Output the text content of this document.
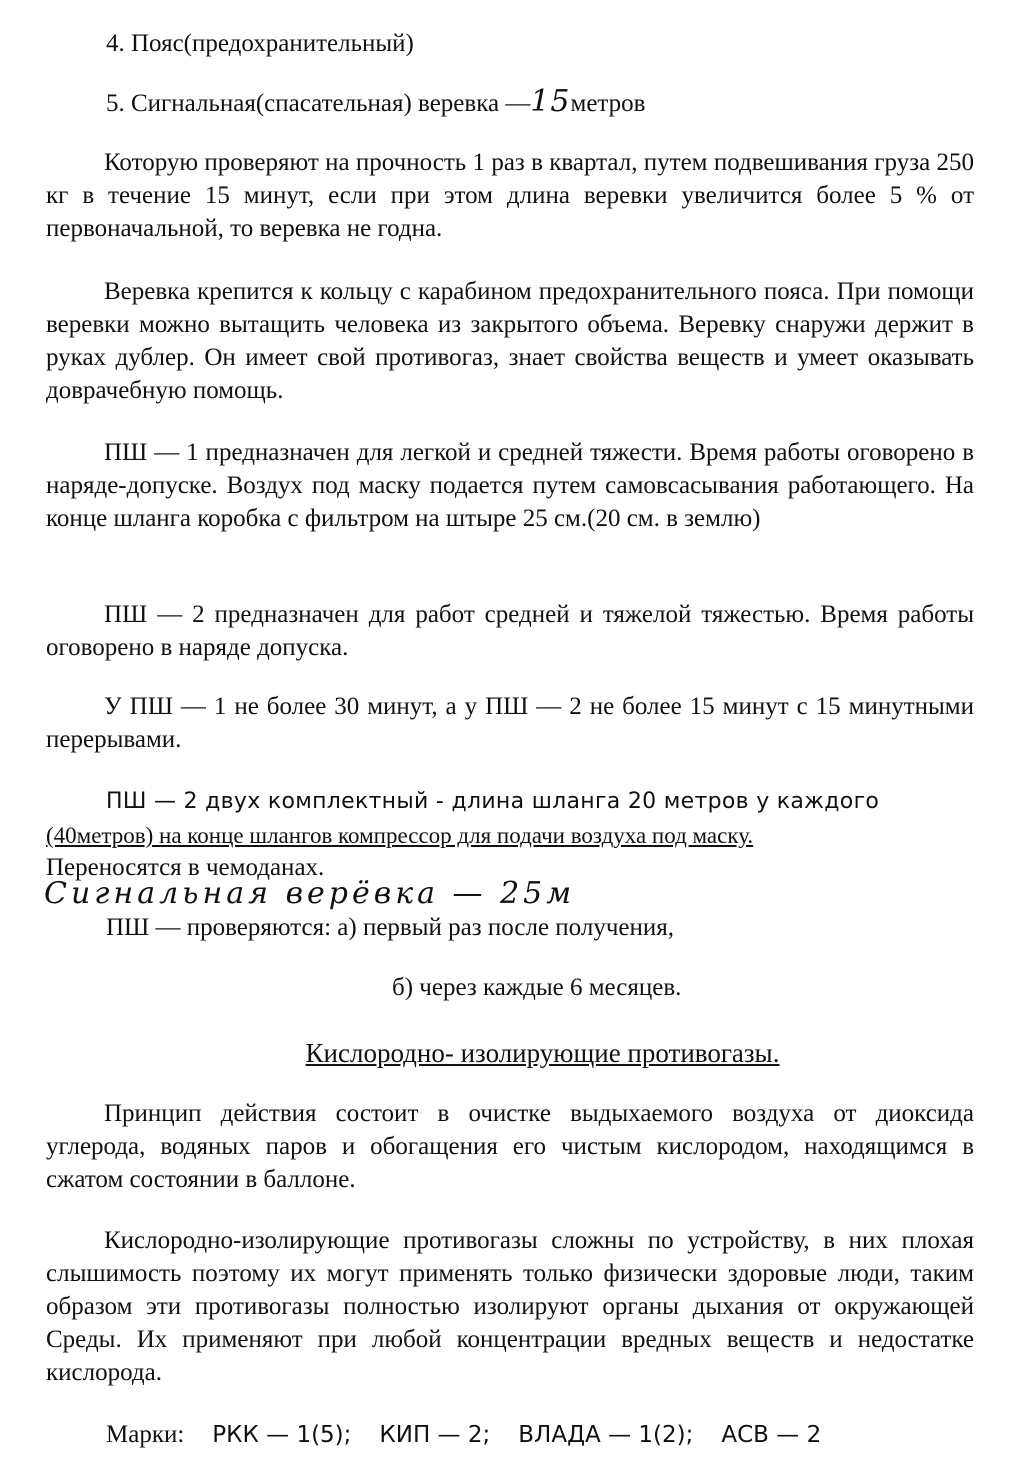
4. Пояс(предохранительный)
5. Сигнальная(спасательная) веревка —15метров
Которую проверяют на прочность 1 раз в квартал, путем подвешивания груза 250 кг в течение 15 минут, если при этом длина веревки увеличится более 5 % от первоначальной, то веревка не годна.
Веревка крепится к кольцу с карабином предохранительного пояса. При помощи веревки можно вытащить человека из закрытого объема. Веревку снаружи держит в руках дублер. Он имеет свой противогаз, знает свойства веществ и умеет оказывать доврачебную помощь.
ПШ — 1 предназначен для легкой и средней тяжести. Время работы оговорено в наряде-допуске. Воздух под маску подается путем самовсасывания работающего. На конце шланга коробка с фильтром на штыре 25 см.(20 см. в землю)
ПШ — 2 предназначен для работ средней и тяжелой тяжестью. Время работы оговорено в наряде допуска.
У ПШ — 1 не более 30 минут, а у ПШ — 2 не более 15 минут с 15 минутными перерывами.
ПШ — 2 двух комплектный - длина шланга 20 метров у каждого
(40метров) на конце шлангов компрессор для подачи воздуха под маску.
Переносятся в чемоданах.
Сигнальная верёвка — 25м
ПШ — проверяются: а) первый раз после получения,
б) через каждые 6 месяцев.
Кислородно- изолирующие противогазы.
Принцип действия состоит в очистке выдыхаемого воздуха от диоксида углерода, водяных паров и обогащения его чистым кислородом, находящимся в сжатом состоянии в баллоне.
Кислородно-изолирующие противогазы сложны по устройству, в них плохая слышимость поэтому их могут применять только физически здоровые люди, таким образом эти противогазы полностью изолируют органы дыхания от окружающей Среды. Их применяют при любой концентрации вредных веществ и недостатке кислорода.
Марки: РКК — 1(5); КИП — 2; ВЛАДА — 1(2); АСВ — 2
